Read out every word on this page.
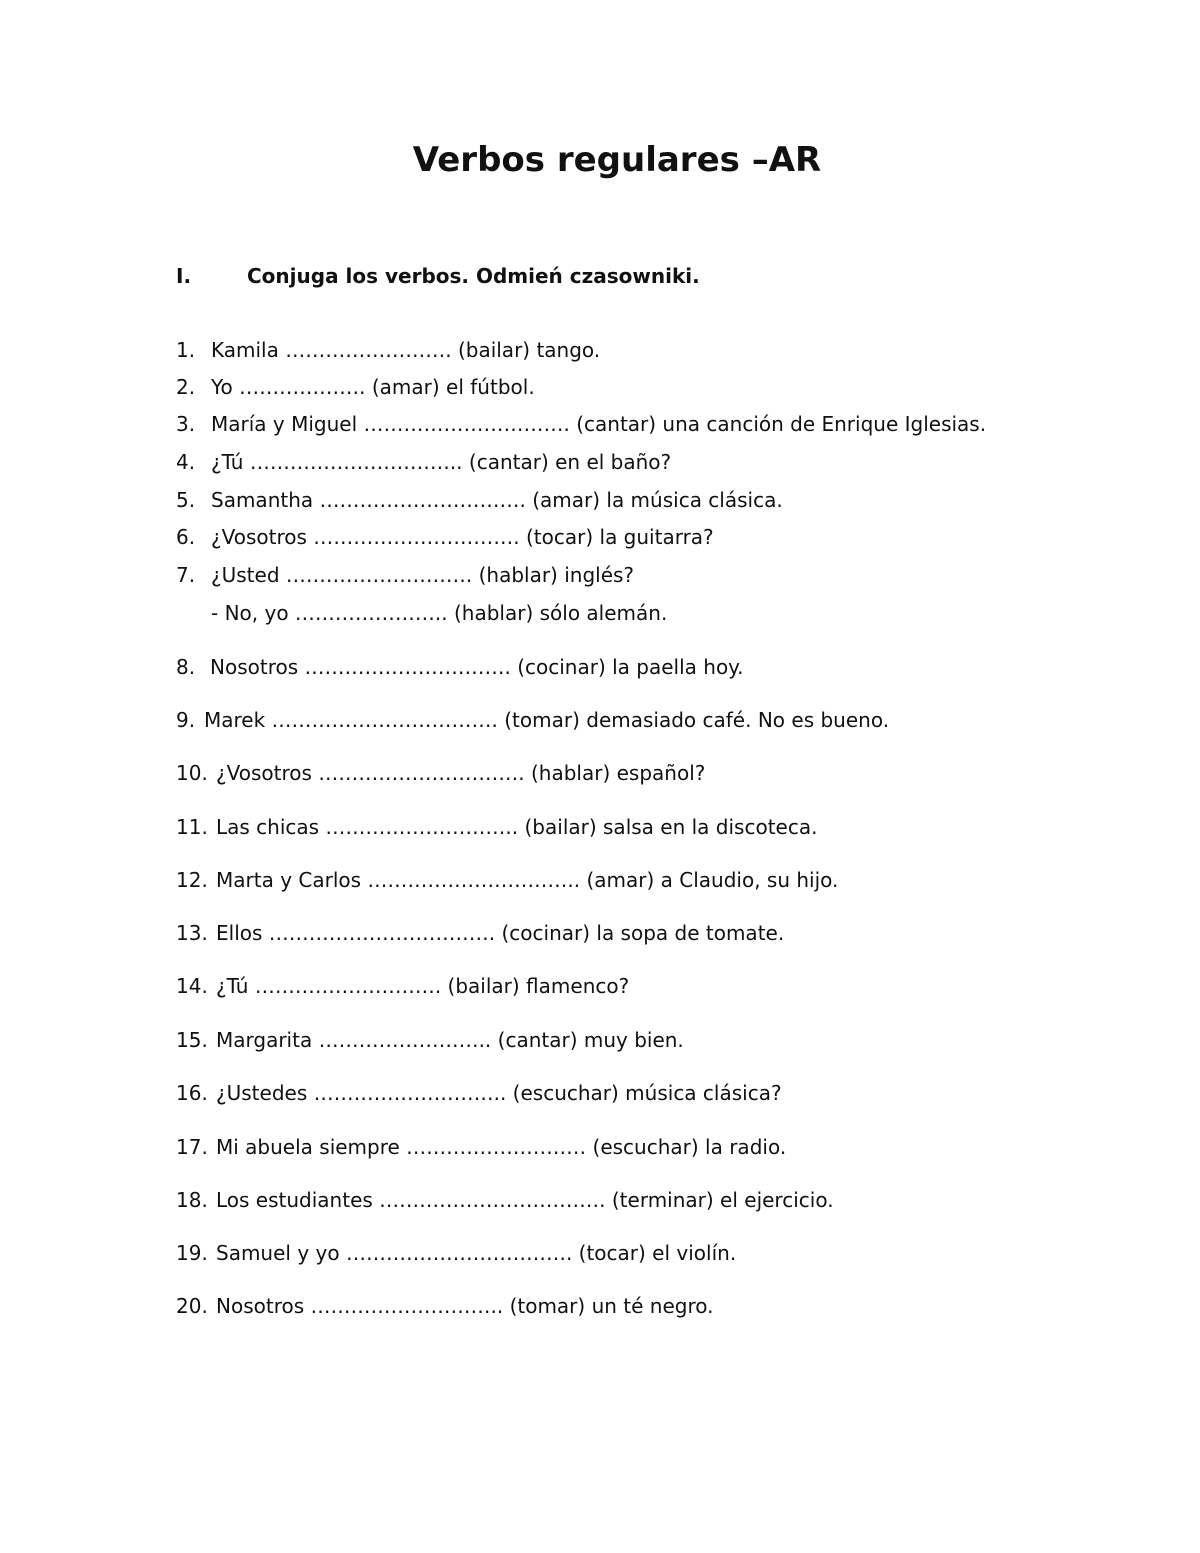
Verbos regulares –AR
I.	Conjuga los verbos. Odmień czasowniki.
1. Kamila ……………………. (bailar) tango.
2. Yo ………………. (amar) el fútbol.
3. María y Miguel …………………………. (cantar) una canción de Enrique Iglesias.
4. ¿Tú ………………………….. (cantar) en el baño?
5. Samantha …………………………. (amar) la música clásica.
6. ¿Vosotros …………………………. (tocar) la guitarra?
7. ¿Usted ………………………. (hablar) inglés?
- No, yo ………………….. (hablar) sólo alemán.
8. Nosotros …………………………. (cocinar) la paella hoy.
9. Marek ……………………………. (tomar) demasiado café. No es bueno.
10. ¿Vosotros …………………………. (hablar) español?
11. Las chicas ……………………….. (bailar) salsa en la discoteca.
12. Marta y Carlos ………………………….. (amar) a Claudio, su hijo.
13. Ellos ……………………………. (cocinar) la sopa de tomate.
14. ¿Tú ………………………. (bailar) flamenco?
15. Margarita …………………….. (cantar) muy bien.
16. ¿Ustedes ……………………….. (escuchar) música clásica?
17. Mi abuela siempre ……………………… (escuchar) la radio.
18. Los estudiantes ……………………………. (terminar) el ejercicio.
19. Samuel y yo ……………………………. (tocar) el violín.
20. Nosotros ……………………….. (tomar) un té negro.
